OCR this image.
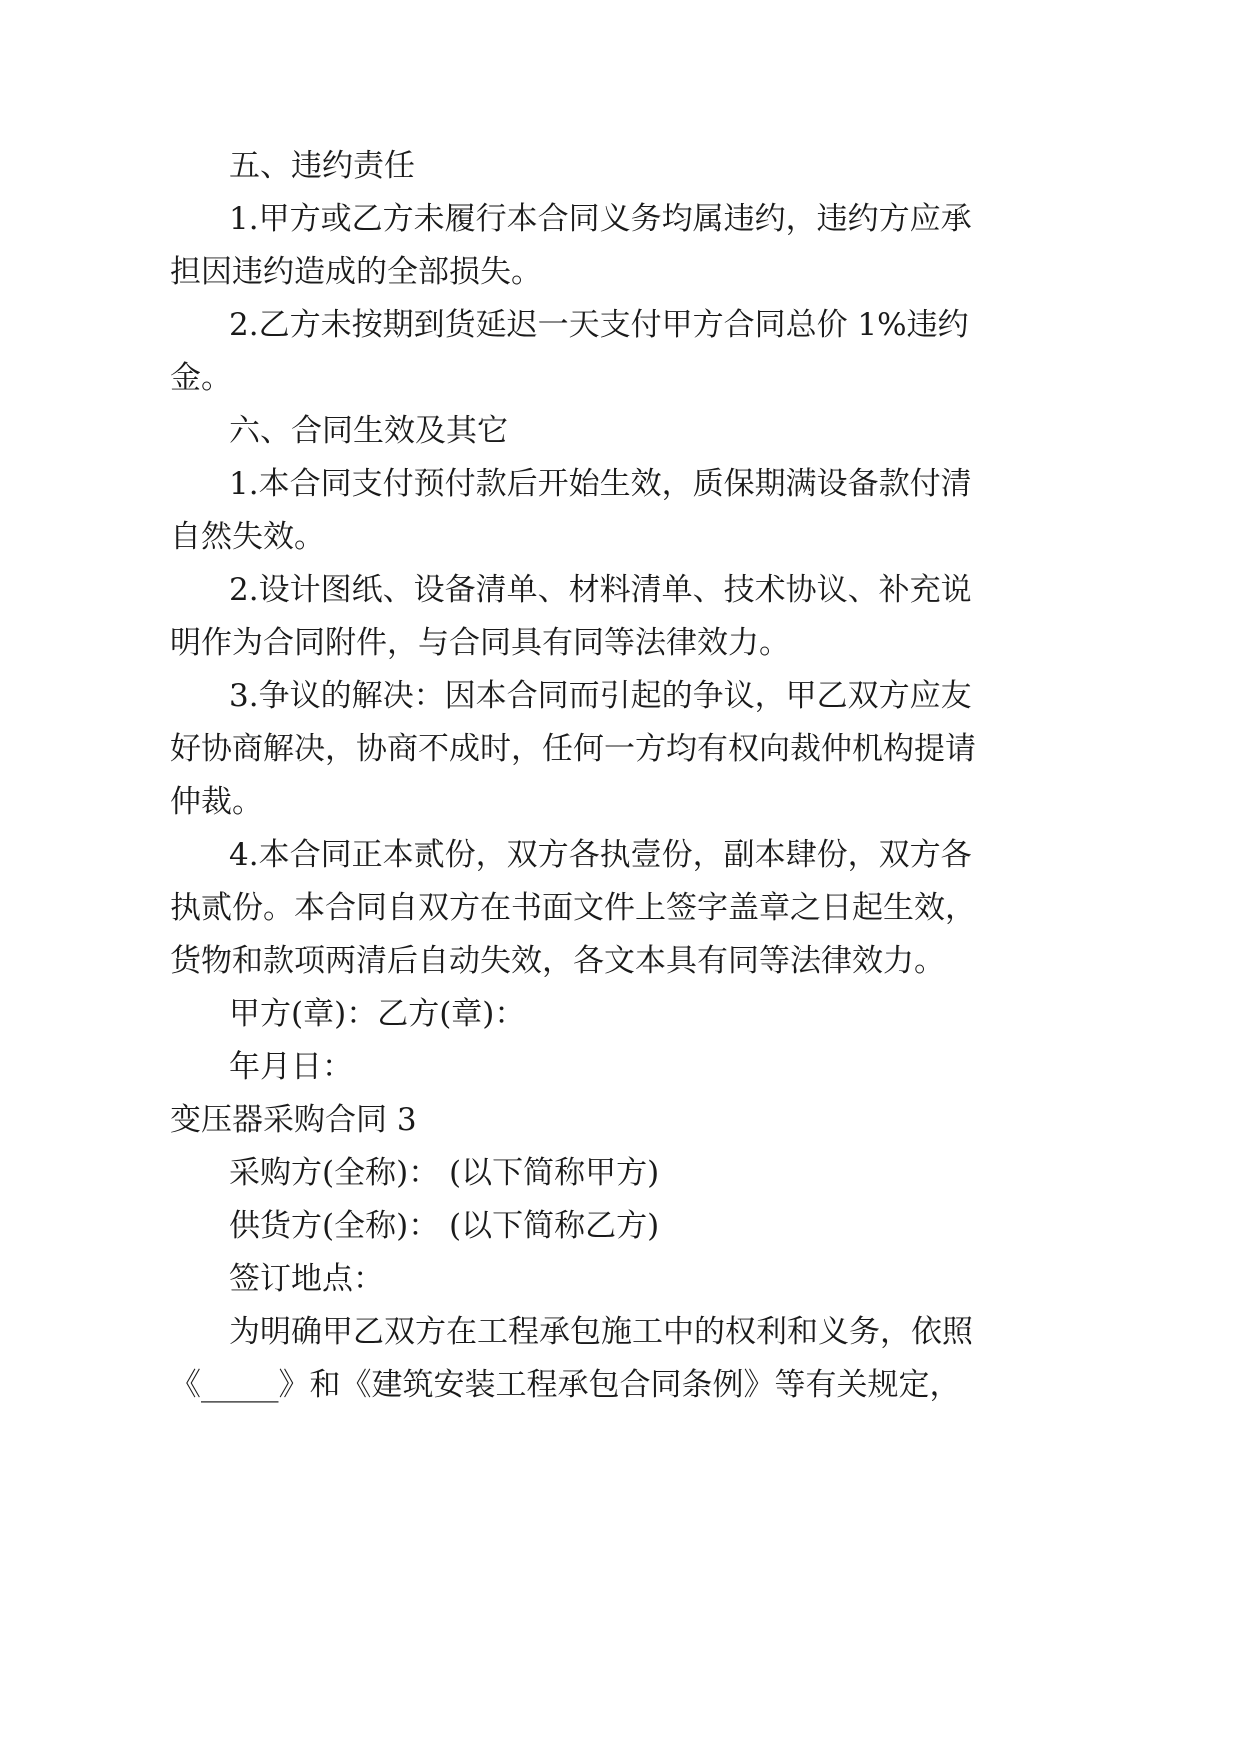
五、违约责任
1.甲方或乙方未履行本合同义务均属违约，违约方应承
担因违约造成的全部损失。
2.乙方未按期到货延迟一天支付甲方合同总价 1%违约
金。
六、合同生效及其它
1.本合同支付预付款后开始生效，质保期满设备款付清
自然失效。
2.设计图纸、设备清单、材料清单、技术协议、补充说
明作为合同附件，与合同具有同等法律效力。
3.争议的解决：因本合同而引起的争议，甲乙双方应友
好协商解决，协商不成时，任何一方均有权向裁仲机构提请
仲裁。
4.本合同正本贰份，双方各执壹份，副本肆份，双方各
执贰份。本合同自双方在书面文件上签字盖章之日起生效，
货物和款项两清后自动失效，各文本具有同等法律效力。
甲方(章)：乙方(章)：
年月日：
变压器采购合同 3
采购方(全称)： (以下简称甲方)
供货方(全称)： (以下简称乙方)
签订地点：
为明确甲乙双方在工程承包施工中的权利和义务，依照
《_____》和《建筑安装工程承包合同条例》等有关规定，
